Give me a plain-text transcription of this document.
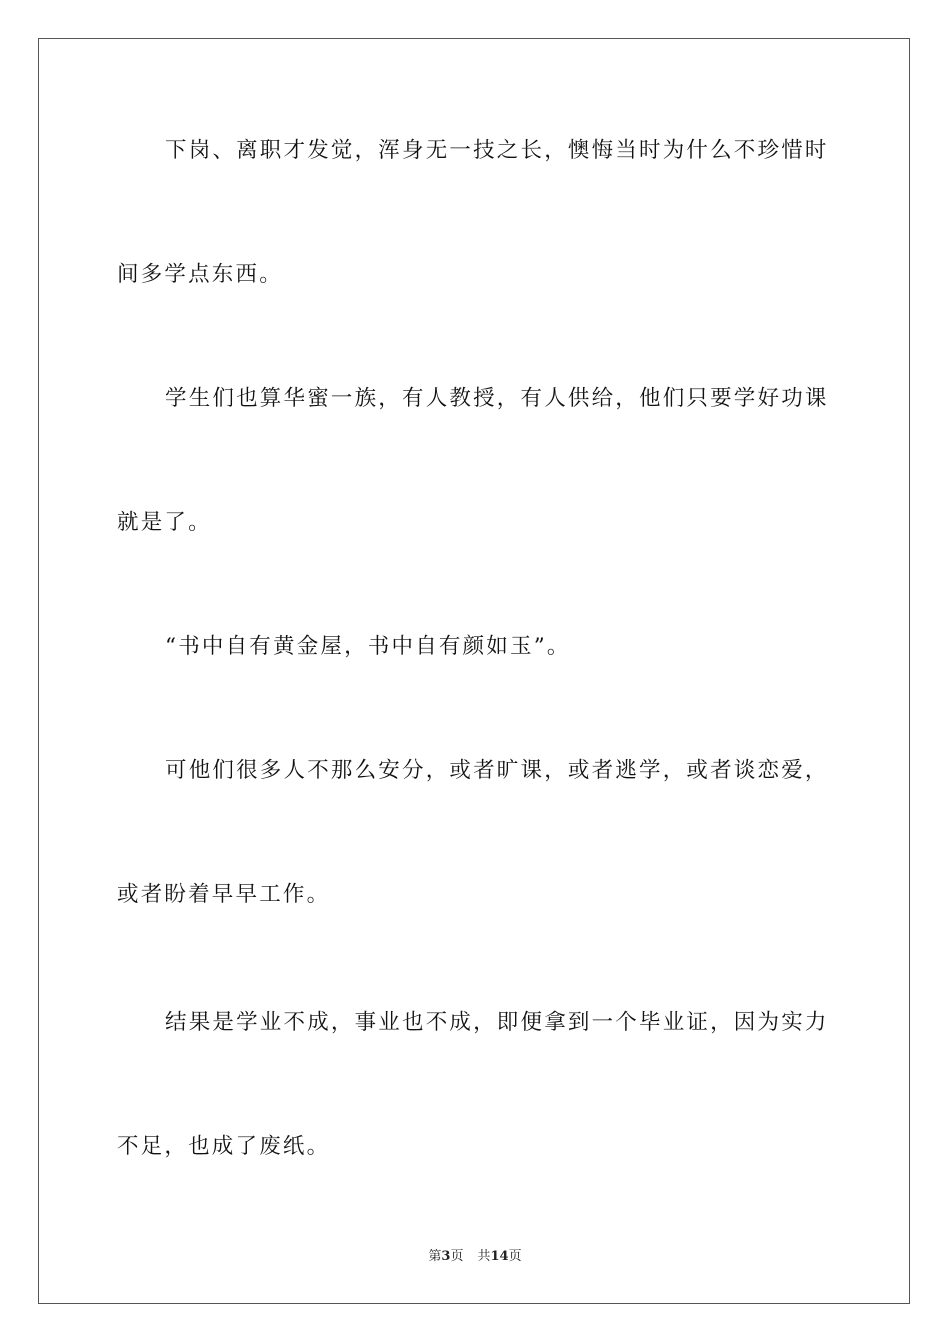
下岗、离职才发觉，浑身无一技之长，懊悔当时为什么不珍惜时
间多学点东西。
学生们也算华蜜一族，有人教授，有人供给，他们只要学好功课
就是了。
“书中自有黄金屋，书中自有颜如玉”。
可他们很多人不那么安分，或者旷课，或者逃学，或者谈恋爱，
或者盼着早早工作。
结果是学业不成，事业也不成，即便拿到一个毕业证，因为实力
不足，也成了废纸。
第3页 共14页
